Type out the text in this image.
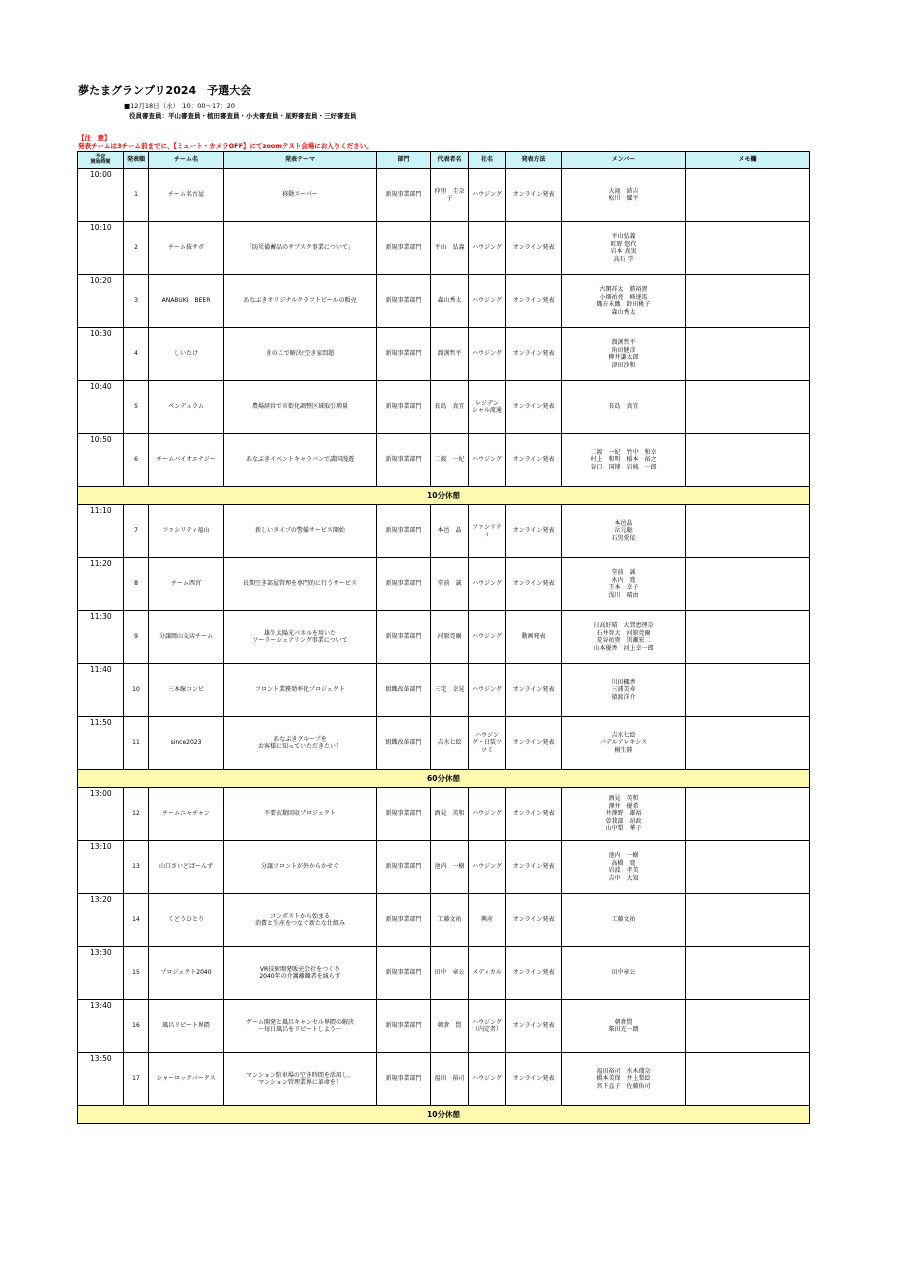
夢たまグランプリ2024　予選大会
■12月18日（水）　10：00～17：20
役員審査員：平山審査員・植田審査員・小夫審査員・星野審査員・三好審査員
【注　意】
発表チームは3チーム前までに、【ミュート・カメラOFF】にてzoomテスト会場にお入りください。
予定
開始時間	発表順	チーム名	発表テーマ	部門	代表者名	社名	発表方法	メンバー	メモ欄
10:00	1	チーム名古屋	移動スーパー	新規事業部門	仲里　圭奈
子	ハウジング	オンライン発表	大滝　結吉
松川　耀平	
10:10	2	チーム抜サポ	「防災備蓄品のサブスク事業について」	新規事業部門	平山　弘義	ハウジング	オンライン発表	平山弘義
町野 悠代
岩本 真実
高石 学	
10:20	3	ANABUKI　BEER	あなぶきオリジナルクラフトビールの販売	新規事業部門	森山秀太	ハウジング	オンライン発表	古閑祥太　勝裕貴
小畑祐亮　峰達馬
織方未織　鈴田桃子
森山秀太	
10:30	4	しいたけ	きのこで解決!空き家問題	新規事業部門	溜渕哲平	ハウジング	オンライン発表	溜渕哲平
角田健彦
柳井謙太郎
津田沙和	
10:40	5	ペンデュラム	農場経営で市街化調整区域取引増量	新規事業部門	長島　真宜	レジデン
シャル流通	オンライン発表	長島　真宜	
10:50	6	チームバイオエナジー	あなぶきイベントキャラバンで講国漫遊	新規事業部門	二渡　一紀	ハウジング	オンライン発表	二渡　一紀　竹中　和幸
村上　和明　稲本　裕之
谷口　国博　岩城　一郎	
10分休憩									
11:10	7	ファシリティ福山	新しいタイプの警備サービス開始	新規事業部門	本邑　晶	ファシリティ	オンライン発表	本邑晶
岳元聡
石黒愛依	
11:20	8	チーム西宮	長期空き部屋管理を専門的に行うサービス	新規事業部門	堂前　誠	ハウジング	オンライン発表	堂前　誠
木内　寛
王本　幸子
浅川　晴由	
11:30	9	分譲岡山支店チーム	雄生太陽光パネルを用いた
ソーラーシェアリング事業について	新規事業部門	河原莞爾	ハウジング	動画発表	日高好晴　大賀恵理奈
石井智大　河原莞爾
荒谷祐貴　黒瀬宏二
山本優香　河上幸一郎	
11:40	10	三本線コンビ	フロント業務効率化プロジェクト	組織改革部門	三宅　幸晃	ハウジング	オンライン発表	川田楓香
三浦美寿
猿渡洋介	
11:50	11	since2023	あなぶきグループを
お客様に知っていただきたい！	組織改革部門	吉水七絵	ハウジン
グ・日装ツ
ツミ	オンライン発表	吉水七絵
バデルアレキシス
桐生陸	
60分休憩									
13:00	12	チームニャチャン	不要衣類回収プロジェクト	新規事業部門	酒見　英和	ハウジング	オンライン発表	酒見　英和
澤井　優希
井澤野　雄裕
曽我部　昂政
山中梨　華子	
13:10	13	山口さいどばーんず	分譲フロントが外からかせぐ	新規事業部門	池内　一樹	ハウジング	オンライン発表	池内　一樹
高橋　寛
岩波　孝美
吉中　大知	
13:20	14	くどうひとり	コンポストから始まる
消費と生産をつなぐ新たな仕組み	新規事業部門	工藤文祐	興産	オンライン発表	工藤文祐	
13:30	15	プロジェクト2040	VR技術開発販売会社をつくり
2040年の介護離職者を減らす	新規事業部門	田中　章公	メディカル	オンライン発表	田中章公	
13:40	16	風呂リピート界隈	ゲーム開発と風呂キャンセル界隈の解決
～毎日風呂をリピートしよう～	新規事業部門	朝倉　賢	ハウジング
（内定者）	オンライン発表	朝倉賢
柴田光一朗	
13:50	17	シャーロックパークス	マンション駐車場の空き時間を活用し、
マンション管理業界に革命を！	新規事業部門	福田　裕司	ハウジング	オンライン発表	福田裕司　水木瑠奈
橋本美保　井上梨絵
宮下直子　佐藤佑司	
10分休憩									
